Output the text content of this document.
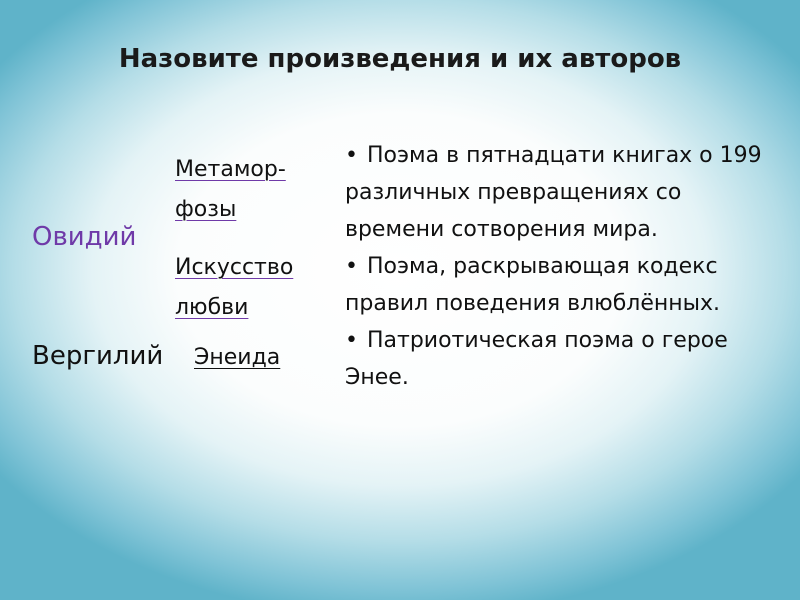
Назовите произведения и их авторов
Овидий
Метамор-
фозы
Искусство
любви
Вергилий Энеида

• Поэма в пятнадцати книгах о 199 различных превращениях со времени сотворения мира.

• Поэма, раскрывающая кодекс правил поведения влюблённых.

• Патриотическая поэма о герое Энее.
